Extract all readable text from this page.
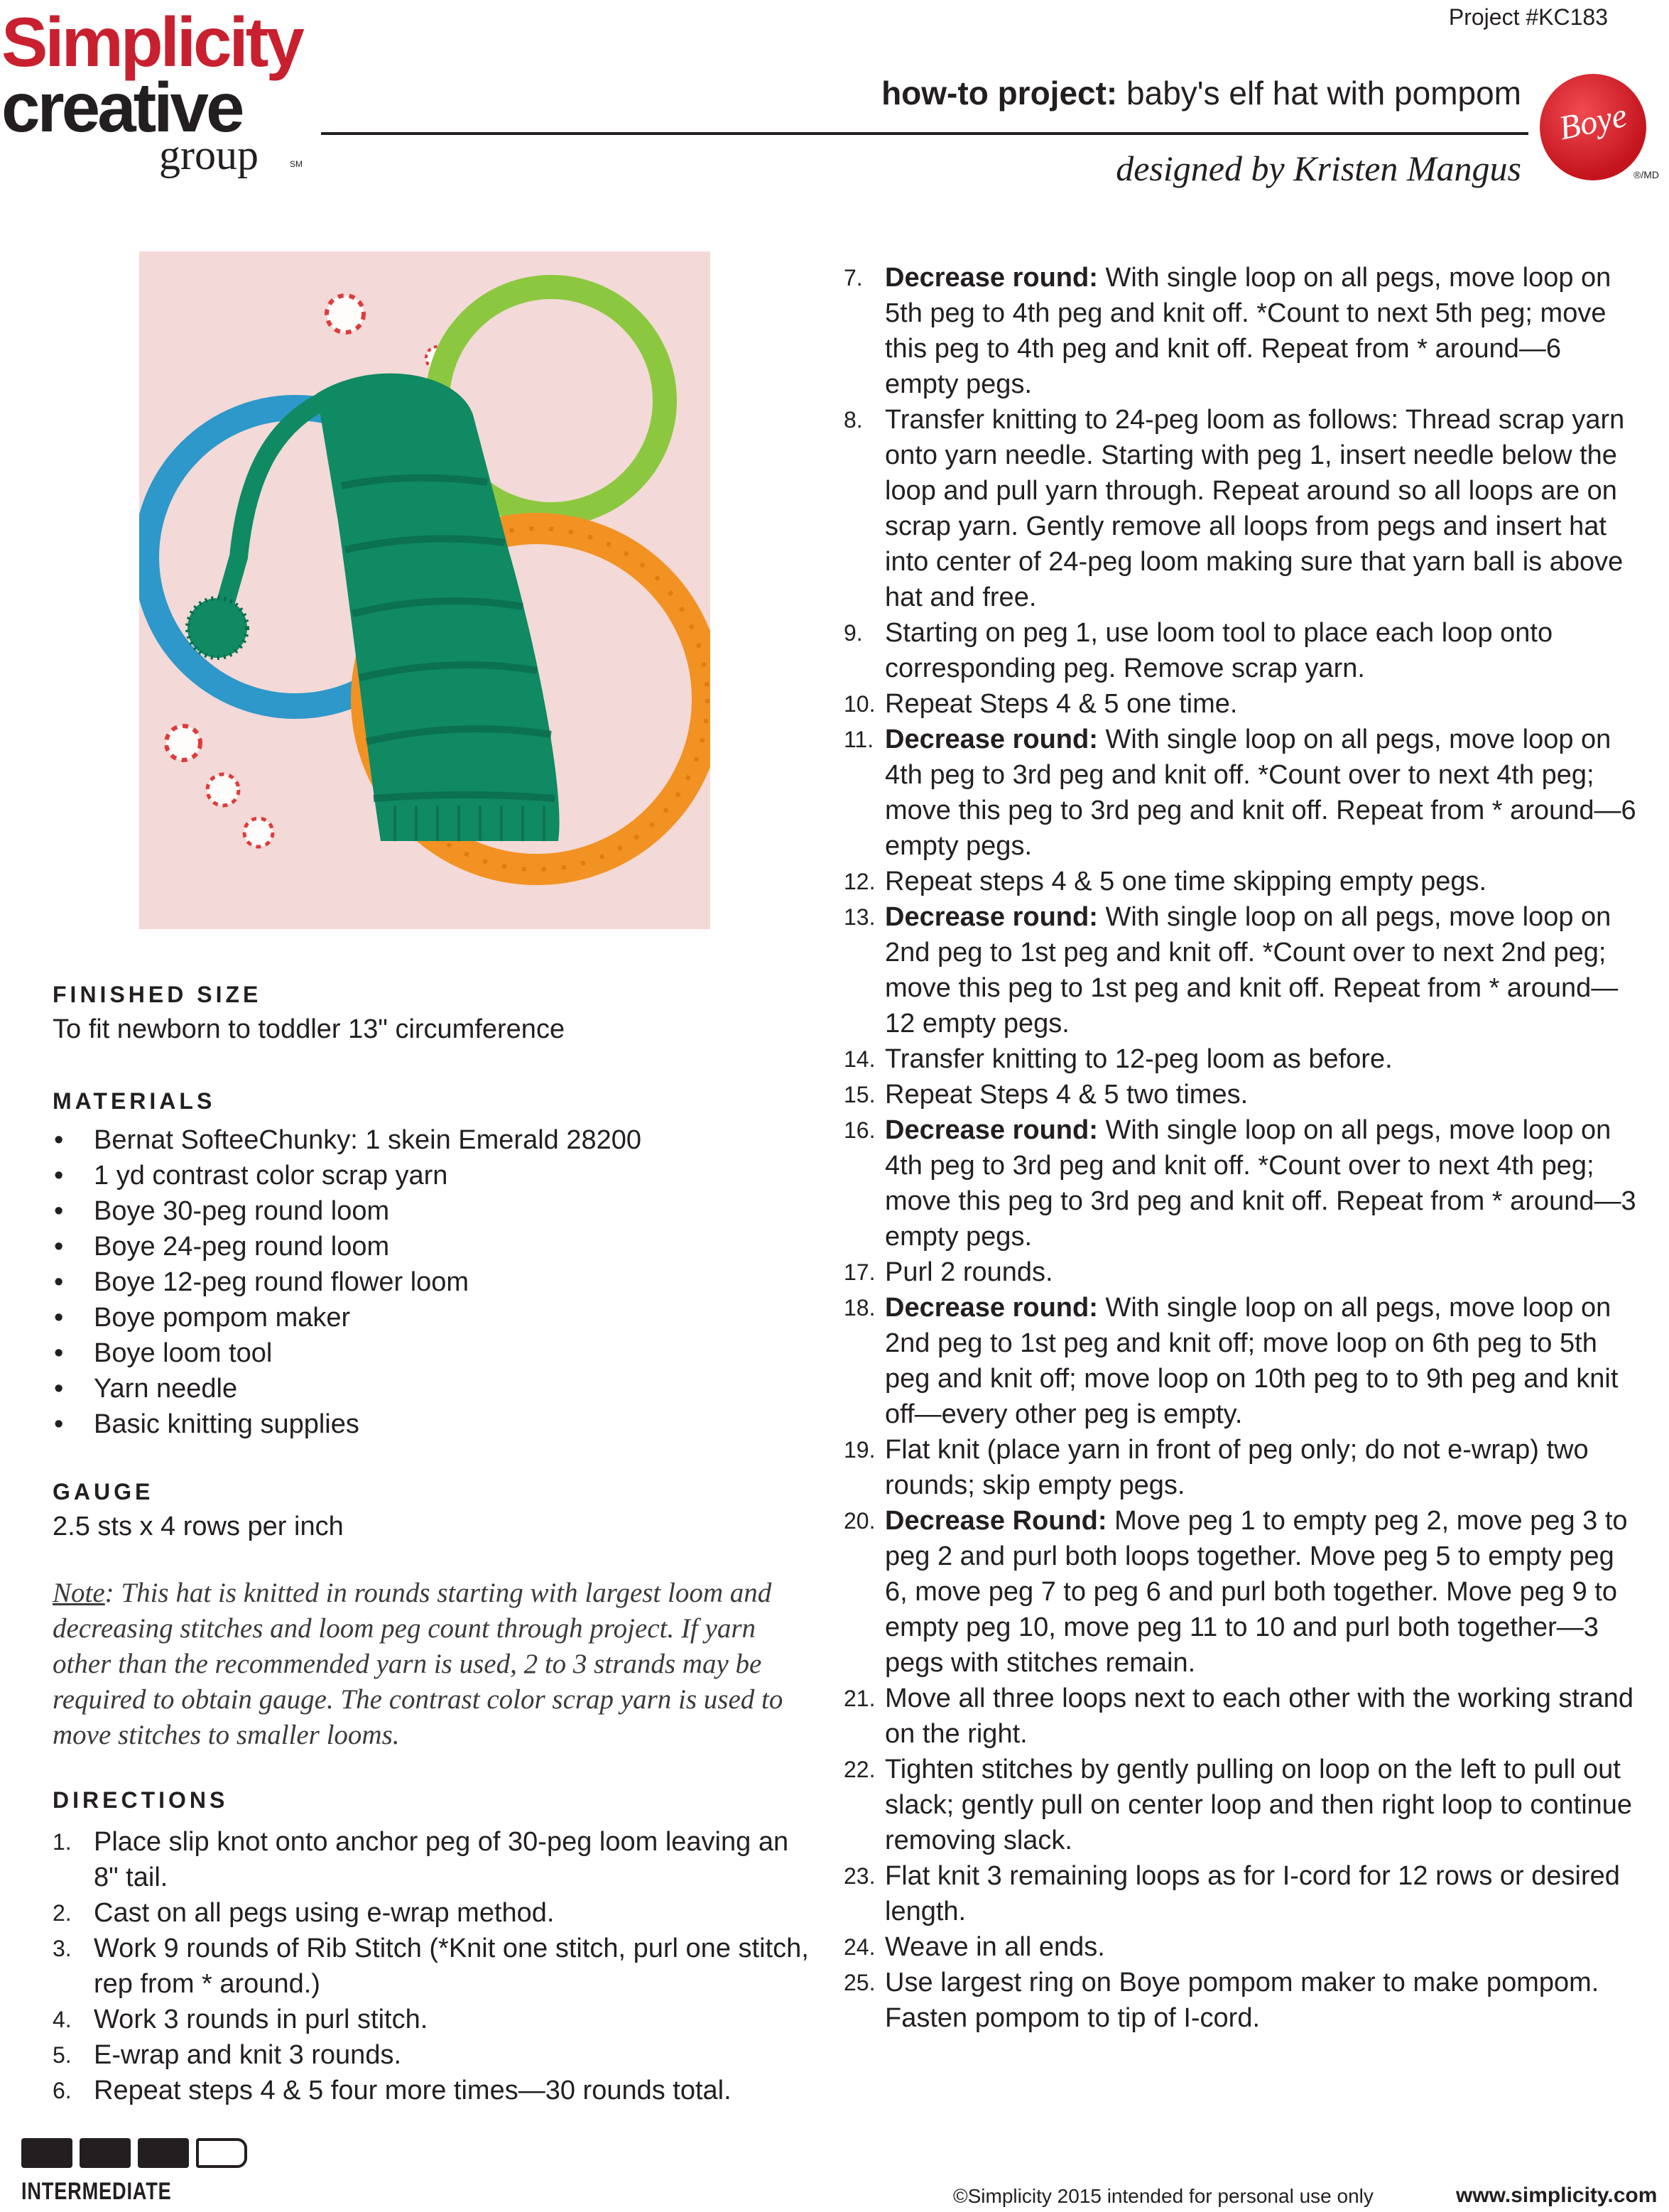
Simplicity
creative
group	SM
Project #KC183
how-to project: baby's elf hat with pompom
designed by Kristen Mangus
Boye
®/MD
FINISHED SIZE

To fit newborn to toddler 13" circumference

MATERIALS
• Bernat SofteeChunky: 1 skein Emerald 28200
• 1 yd contrast color scrap yarn
• Boye 30-peg round loom
• Boye 24-peg round loom
• Boye 12-peg round flower loom
• Boye pompom maker
• Boye loom tool
• Yarn needle
• Basic knitting supplies
GAUGE

2.5 sts x 4 rows per inch

Note: This hat is knitted in rounds starting with largest loom and decreasing stitches and loom peg count through project. If yarn other than the recommended yarn is used, 2 to 3 strands may be required to obtain gauge. The contrast color scrap yarn is used to move stitches to smaller looms.

DIRECTIONS
1. Place slip knot onto anchor peg of 30-peg loom leaving an 8" tail.
2. Cast on all pegs using e-wrap method.
3. Work 9 rounds of Rib Stitch (*Knit one stitch, purl one stitch, rep from * around.)
4. Work 3 rounds in purl stitch.
5. E-wrap and knit 3 rounds.
6. Repeat steps 4 & 5 four more times—30 rounds total.
7. Decrease round: With single loop on all pegs, move loop on 5th peg to 4th peg and knit off. *Count to next 5th peg; move this peg to 4th peg and knit off. Repeat from * around—6 empty pegs.
8. Transfer knitting to 24-peg loom as follows: Thread scrap yarn onto yarn needle. Starting with peg 1, insert needle below the loop and pull yarn through. Repeat around so all loops are on scrap yarn. Gently remove all loops from pegs and insert hat into center of 24-peg loom making sure that yarn ball is above hat and free.
9. Starting on peg 1, use loom tool to place each loop onto corresponding peg. Remove scrap yarn.
10. Repeat Steps 4 & 5 one time.
11. Decrease round: With single loop on all pegs, move loop on 4th peg to 3rd peg and knit off. *Count over to next 4th peg; move this peg to 3rd peg and knit off. Repeat from * around—6 empty pegs.
12. Repeat steps 4 & 5 one time skipping empty pegs.
13. Decrease round: With single loop on all pegs, move loop on 2nd peg to 1st peg and knit off. *Count over to next 2nd peg; move this peg to 1st peg and knit off. Repeat from * around—12 empty pegs.
14. Transfer knitting to 12-peg loom as before.
15. Repeat Steps 4 & 5 two times.
16. Decrease round: With single loop on all pegs, move loop on 4th peg to 3rd peg and knit off. *Count over to next 4th peg; move this peg to 3rd peg and knit off. Repeat from * around—3 empty pegs.
17. Purl 2 rounds.
18. Decrease round: With single loop on all pegs, move loop on 2nd peg to 1st peg and knit off; move loop on 6th peg to 5th peg and knit off; move loop on 10th peg to to 9th peg and knit off—every other peg is empty.
19. Flat knit (place yarn in front of peg only; do not e-wrap) two rounds; skip empty pegs.
20. Decrease Round: Move peg 1 to empty peg 2, move peg 3 to peg 2 and purl both loops together. Move peg 5 to empty peg 6, move peg 7 to peg 6 and purl both together. Move peg 9 to empty peg 10, move peg 11 to 10 and purl both together—3 pegs with stitches remain.
21. Move all three loops next to each other with the working strand on the right.
22. Tighten stitches by gently pulling on loop on the left to pull out slack; gently pull on center loop and then right loop to continue removing slack.
23. Flat knit 3 remaining loops as for I-cord for 12 rows or desired length.
24. Weave in all ends.
25. Use largest ring on Boye pompom maker to make pompom. Fasten pompom to tip of I-cord.
INTERMEDIATE	©Simplicity 2015 intended for personal use only	www.simplicity.com
